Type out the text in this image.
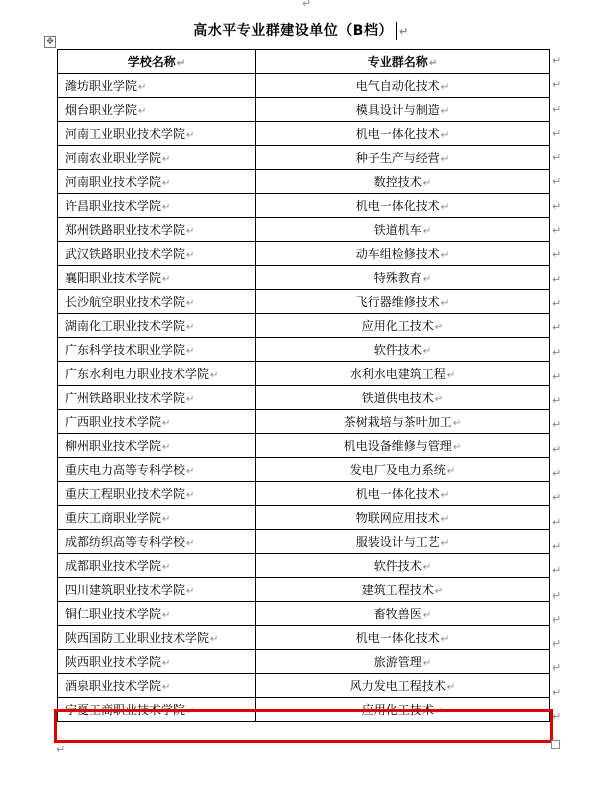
↵
高水平专业群建设单位（B档） ↵
✥
学校名称↵	专业群名称↵
潍坊职业学院↵	电气自动化技术↵
烟台职业学院↵	模具设计与制造↵
河南工业职业技术学院↵	机电一体化技术↵
河南农业职业学院↵	种子生产与经营↵
河南职业技术学院↵	数控技术↵
许昌职业技术学院↵	机电一体化技术↵
郑州铁路职业技术学院↵	铁道机车↵
武汉铁路职业技术学院↵	动车组检修技术↵
襄阳职业技术学院↵	特殊教育↵
长沙航空职业技术学院↵	飞行器维修技术↵
湖南化工职业技术学院↵	应用化工技术↵
广东科学技术职业学院↵	软件技术↵
广东水利电力职业技术学院↵	水利水电建筑工程↵
广州铁路职业技术学院↵	铁道供电技术↵
广西职业技术学院↵	茶树栽培与茶叶加工↵
柳州职业技术学院↵	机电设备维修与管理↵
重庆电力高等专科学校↵	发电厂及电力系统↵
重庆工程职业技术学院↵	机电一体化技术↵
重庆工商职业学院↵	物联网应用技术↵
成都纺织高等专科学校↵	服装设计与工艺↵
成都职业技术学院↵	软件技术↵
四川建筑职业技术学院↵	建筑工程技术↵
铜仁职业技术学院↵	畜牧兽医↵
陕西国防工业职业技术学院↵	机电一体化技术↵
陕西职业技术学院↵	旅游管理↵
酒泉职业技术学院↵	风力发电工程技术↵
宁夏工商职业技术学院↵	应用化工技术↵
↵
↵
↵
↵
↵
↵
↵
↵
↵
↵
↵
↵
↵
↵
↵
↵
↵
↵
↵
↵
↵
↵
↵
↵
↵
↵
↵
↵
↵
